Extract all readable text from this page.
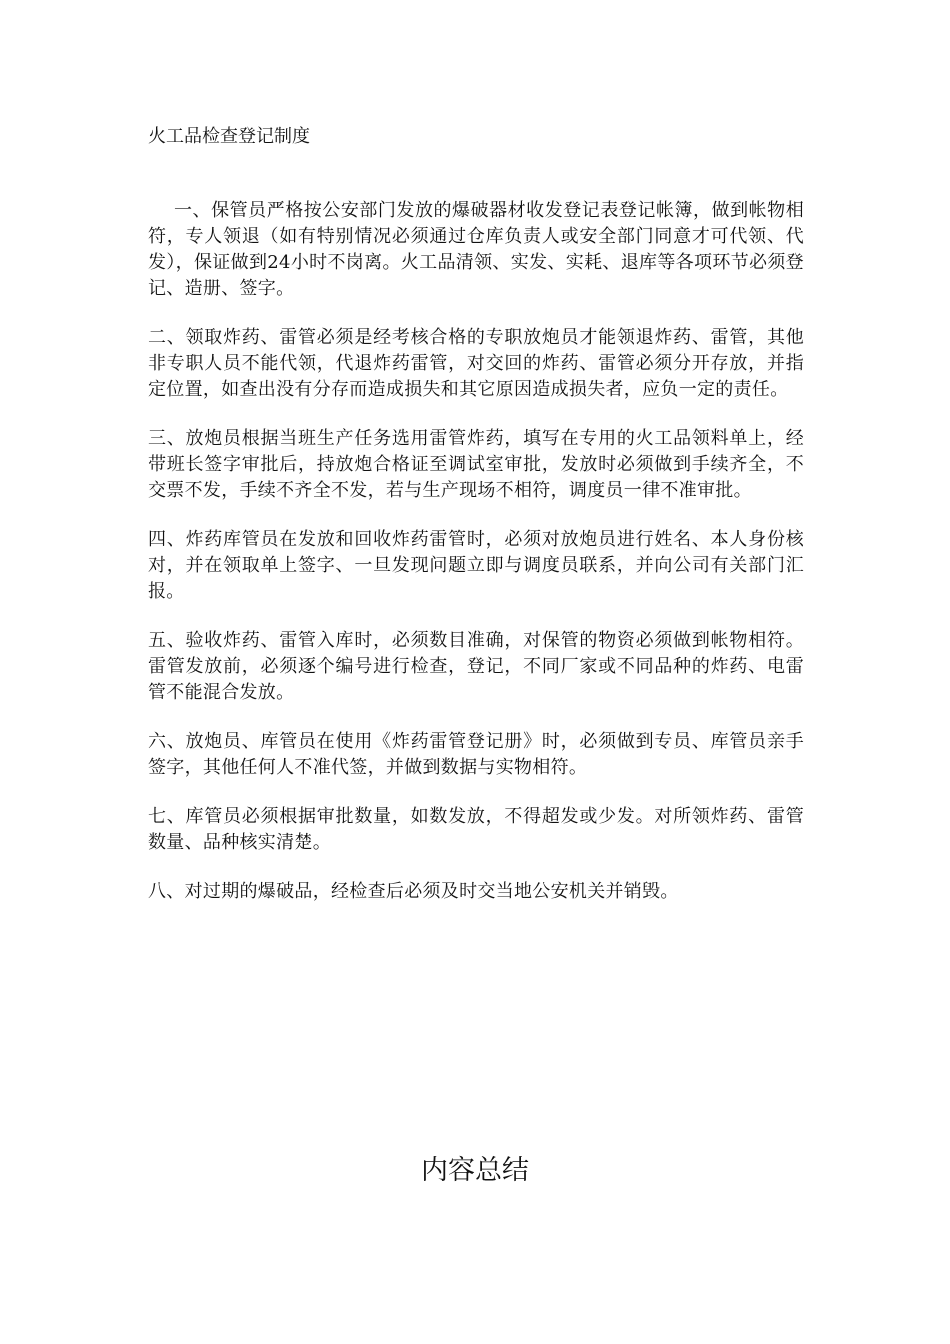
火工品检查登记制度

一、保管员严格按公安部门发放的爆破器材收发登记表登记帐簿，做到帐物相符，专人领退（如有特别情况必须通过仓库负责人或安全部门同意才可代领、代发），保证做到24小时不岗离。火工品清领、实发、实耗、退库等各项环节必须登记、造册、签字。

二、领取炸药、雷管必须是经考核合格的专职放炮员才能领退炸药、雷管，其他非专职人员不能代领，代退炸药雷管，对交回的炸药、雷管必须分开存放，并指定位置，如查出没有分存而造成损失和其它原因造成损失者，应负一定的责任。

三、放炮员根据当班生产任务选用雷管炸药，填写在专用的火工品领料单上，经带班长签字审批后，持放炮合格证至调试室审批，发放时必须做到手续齐全，不交票不发，手续不齐全不发，若与生产现场不相符，调度员一律不准审批。

四、炸药库管员在发放和回收炸药雷管时，必须对放炮员进行姓名、本人身份核对，并在领取单上签字、一旦发现问题立即与调度员联系，并向公司有关部门汇报。

五、验收炸药、雷管入库时，必须数目准确，对保管的物资必须做到帐物相符。雷管发放前，必须逐个编号进行检查，登记，不同厂家或不同品种的炸药、电雷管不能混合发放。

六、放炮员、库管员在使用《炸药雷管登记册》时，必须做到专员、库管员亲手签字，其他任何人不准代签，并做到数据与实物相符。

七、库管员必须根据审批数量，如数发放，不得超发或少发。对所领炸药、雷管数量、品种核实清楚。

八、对过期的爆破品，经检查后必须及时交当地公安机关并销毁。

内容总结
